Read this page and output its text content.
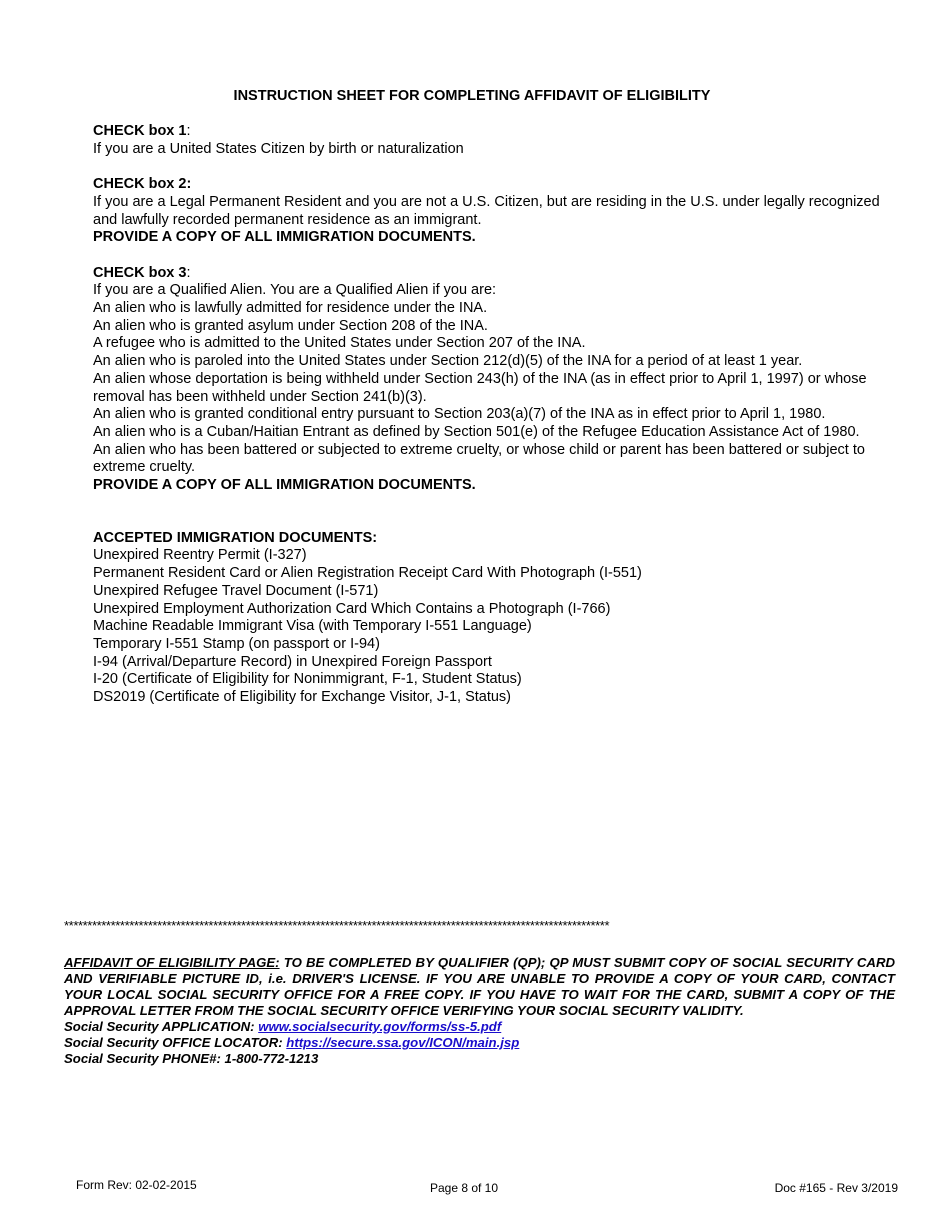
INSTRUCTION SHEET FOR COMPLETING AFFIDAVIT OF ELIGIBILITY
CHECK box 1:
If you are a United States Citizen by birth or naturalization
CHECK box 2:
If you are a Legal Permanent Resident and you are not a U.S. Citizen, but are residing in the U.S. under legally recognized and lawfully recorded permanent residence as an immigrant.
PROVIDE A COPY OF ALL IMMIGRATION DOCUMENTS.
CHECK box 3:
If you are a Qualified Alien. You are a Qualified Alien if you are:
An alien who is lawfully admitted for residence under the INA.
An alien who is granted asylum under Section 208 of the INA.
A refugee who is admitted to the United States under Section 207 of the INA.
An alien who is paroled into the United States under Section 212(d)(5) of the INA for a period of at least 1 year.
An alien whose deportation is being withheld under Section 243(h) of the INA (as in effect prior to April 1, 1997) or whose removal has been withheld under Section 241(b)(3).
An alien who is granted conditional entry pursuant to Section 203(a)(7) of the INA as in effect prior to April 1, 1980.
An alien who is a Cuban/Haitian Entrant as defined by Section 501(e) of the Refugee Education Assistance Act of 1980.
An alien who has been battered or subjected to extreme cruelty, or whose child or parent has been battered or subject to extreme cruelty.
PROVIDE A COPY OF ALL IMMIGRATION DOCUMENTS.
ACCEPTED IMMIGRATION DOCUMENTS:
Unexpired Reentry Permit (I-327)
Permanent Resident Card or Alien Registration Receipt Card With Photograph (I-551)
Unexpired Refugee Travel Document (I-571)
Unexpired Employment Authorization Card Which Contains a Photograph (I-766)
Machine Readable Immigrant Visa (with Temporary I-551 Language)
Temporary I-551 Stamp (on passport or I-94)
I-94 (Arrival/Departure Record) in Unexpired Foreign Passport
I-20 (Certificate of Eligibility for Nonimmigrant, F-1, Student Status)
DS2019 (Certificate of Eligibility for Exchange Visitor, J-1, Status)
*********************************************************************************************************************
AFFIDAVIT OF ELIGIBILITY PAGE: TO BE COMPLETED BY QUALIFIER (QP); QP MUST SUBMIT COPY OF SOCIAL SECURITY CARD AND VERIFIABLE PICTURE ID, i.e. DRIVER'S LICENSE. IF YOU ARE UNABLE TO PROVIDE A COPY OF YOUR CARD, CONTACT YOUR LOCAL SOCIAL SECURITY OFFICE FOR A FREE COPY. IF YOU HAVE TO WAIT FOR THE CARD, SUBMIT A COPY OF THE APPROVAL LETTER FROM THE SOCIAL SECURITY OFFICE VERIFYING YOUR SOCIAL SECURITY VALIDITY.
Social Security APPLICATION: www.socialsecurity.gov/forms/ss-5.pdf
Social Security OFFICE LOCATOR: https://secure.ssa.gov/ICON/main.jsp
Social Security PHONE#: 1-800-772-1213
Form Rev: 02-02-2015	Page 8 of 10	Doc #165 - Rev 3/2019
